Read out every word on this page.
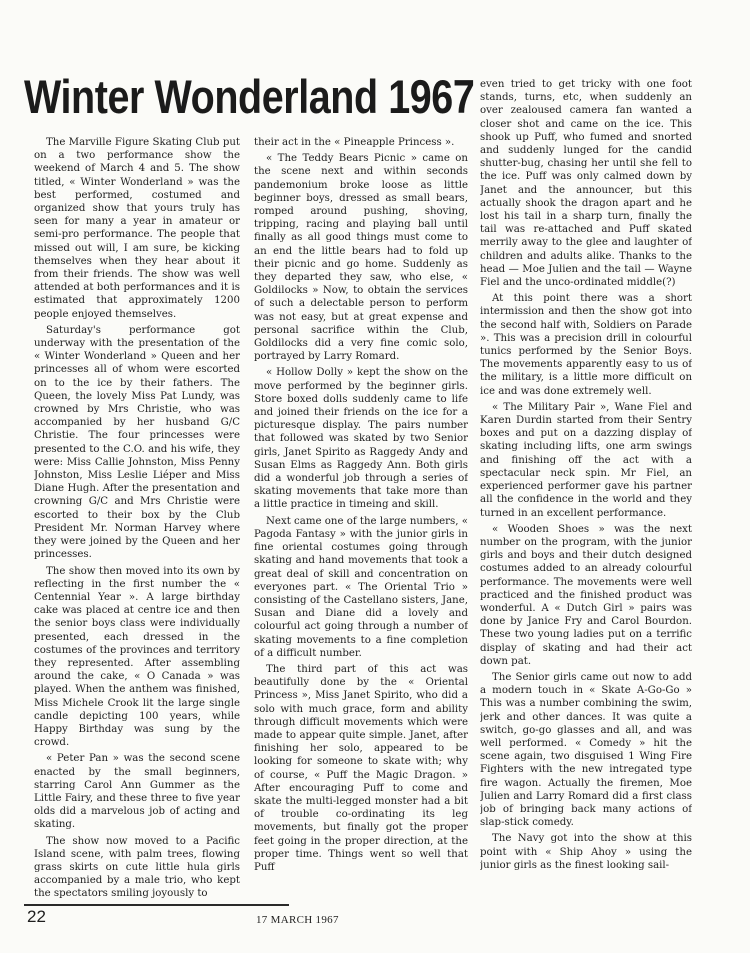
Winter Wonderland 1967

The Marville Figure Skating Club put on a two performance show the weekend of March 4 and 5. The show titled, « Winter Wonderland » was the best performed, costumed and organized show that yours truly has seen for many a year in amateur or semi-pro performance. The people that missed out will, I am sure, be kicking themselves when they hear about it from their friends. The show was well attended at both performances and it is estimated that approximately 1200 people enjoyed themselves.

Saturday's performance got underway with the presentation of the « Winter Wonderland » Queen and her princesses all of whom were escorted on to the ice by their fathers. The Queen, the lovely Miss Pat Lundy, was crowned by Mrs Christie, who was accompanied by her husband G/C Christie. The four princesses were presented to the C.O. and his wife, they were: Miss Callie Johnston, Miss Penny Johnston, Miss Leslie Liéper and Miss Diane Hugh. After the presentation and crowning G/C and Mrs Christie were escorted to their box by the Club President Mr. Norman Harvey where they were joined by the Queen and her princesses.

The show then moved into its own by reflecting in the first number the « Centennial Year ». A large birthday cake was placed at centre ice and then the senior boys class were individually presented, each dressed in the costumes of the provinces and territory they represented. After assembling around the cake, « O Canada » was played. When the anthem was finished, Miss Michele Crook lit the large single candle depicting 100 years, while Happy Birthday was sung by the crowd.

« Peter Pan » was the second scene enacted by the small beginners, starring Carol Ann Gummer as the Little Fairy, and these three to five year olds did a marvelous job of acting and skating.

The show now moved to a Pacific Island scene, with palm trees, flowing grass skirts on cute little hula girls accompanied by a male trio, who kept the spectators smiling joyously to

their act in the « Pineapple Princess ».

« The Teddy Bears Picnic » came on the scene next and within seconds pandemonium broke loose as little beginner boys, dressed as small bears, romped around pushing, shoving, tripping, racing and playing ball until finally as all good things must come to an end the little bears had to fold up their picnic and go home. Suddenly as they departed they saw, who else, « Goldilocks » Now, to obtain the services of such a delectable person to perform was not easy, but at great expense and personal sacrifice within the Club, Goldilocks did a very fine comic solo, portrayed by Larry Romard.

« Hollow Dolly » kept the show on the move performed by the beginner girls. Store boxed dolls suddenly came to life and joined their friends on the ice for a picturesque display. The pairs number that followed was skated by two Senior girls, Janet Spirito as Raggedy Andy and Susan Elms as Raggedy Ann. Both girls did a wonderful job through a series of skating movements that take more than a little practice in timeing and skill.

Next came one of the large numbers, « Pagoda Fantasy » with the junior girls in fine oriental costumes going through skating and hand movements that took a great deal of skill and concentration on everyones part. « The Oriental Trio » consisting of the Castellano sisters, Jane, Susan and Diane did a lovely and colourful act going through a number of skating movements to a fine completion of a difficult number.

The third part of this act was beautifully done by the « Oriental Princess », Miss Janet Spirito, who did a solo with much grace, form and ability through difficult movements which were made to appear quite simple. Janet, after finishing her solo, appeared to be looking for someone to skate with; why of course, « Puff the Magic Dragon. » After encouraging Puff to come and skate the multi-legged monster had a bit of trouble co-ordinating its leg movements, but finally got the proper feet going in the proper direction, at the proper time. Things went so well that Puff

even tried to get tricky with one foot stands, turns, etc, when suddenly an over zealoused camera fan wanted a closer shot and came on the ice. This shook up Puff, who fumed and snorted and suddenly lunged for the candid shutter-bug, chasing her until she fell to the ice. Puff was only calmed down by Janet and the announcer, but this actually shook the dragon apart and he lost his tail in a sharp turn, finally the tail was re-attached and Puff skated merrily away to the glee and laughter of children and adults alike. Thanks to the head — Moe Julien and the tail — Wayne Fiel and the unco-ordinated middle(?)

At this point there was a short intermission and then the show got into the second half with, Soldiers on Parade ». This was a precision drill in colourful tunics performed by the Senior Boys. The movements apparently easy to us of the military, is a little more difficult on ice and was done extremely well.

« The Military Pair », Wane Fiel and Karen Durdin started from their Sentry boxes and put on a dazzing display of skating including lifts, one arm swings and finishing off the act with a spectacular neck spin. Mr Fiel, an experienced performer gave his partner all the confidence in the world and they turned in an excellent performance.

« Wooden Shoes » was the next number on the program, with the junior girls and boys and their dutch designed costumes added to an already colourful performance. The movements were well practiced and the finished product was wonderful. A « Dutch Girl » pairs was done by Janice Fry and Carol Bourdon. These two young ladies put on a terrific display of skating and had their act down pat.

The Senior girls came out now to add a modern touch in « Skate A-Go-Go » This was a number combining the swim, jerk and other dances. It was quite a switch, go-go glasses and all, and was well performed. « Comedy » hit the scene again, two disguised 1 Wing Fire Fighters with the new intregated type fire wagon. Actually the firemen, Moe Julien and Larry Romard did a first class job of bringing back many actions of slap-stick comedy.

The Navy got into the show at this point with « Ship Ahoy » using the junior girls as the finest looking sail-

22	17 MARCH 1967
